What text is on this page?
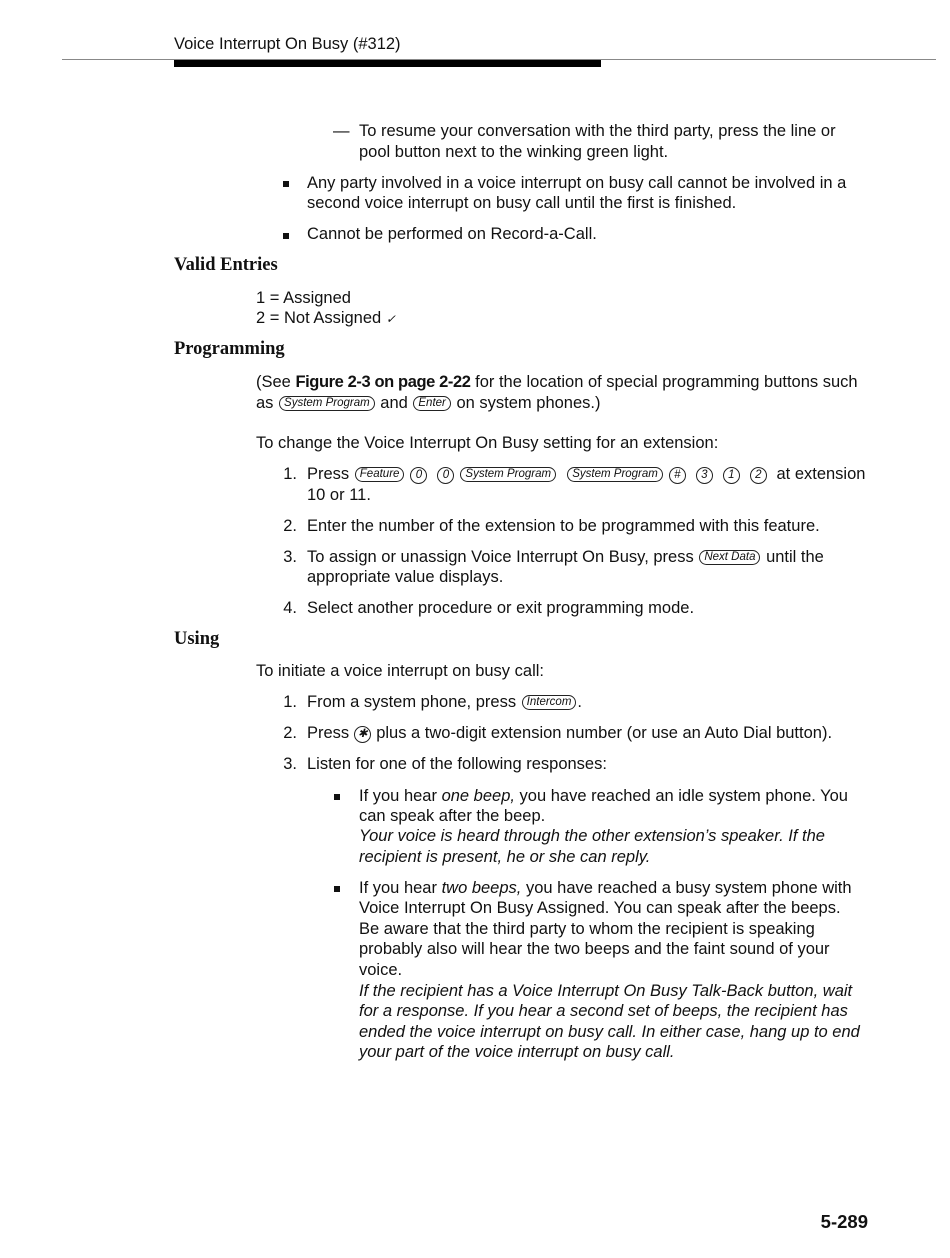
Voice Interrupt On Busy (#312)
— To resume your conversation with the third party, press the line or
pool button next to the winking green light.
Any party involved in a voice interrupt on busy call cannot be involved in a
second voice interrupt on busy call until the first is finished.
Cannot be performed on Record-a-Call.
Valid Entries
1 = Assigned
2 = Not Assigned ✓
Programming
(See Figure 2-3 on page 2-22 for the location of special programming buttons such
as System Program and Enter on system phones.)
To change the Voice Interrupt On Busy setting for an extension:
1. Press Feature 0 0 System Program System Program # 3 1 2 at extension
10 or 11.
2. Enter the number of the extension to be programmed with this feature.
3. To assign or unassign Voice Interrupt On Busy, press Next Data until the
appropriate value displays.
4. Select another procedure or exit programming mode.
Using
To initiate a voice interrupt on busy call:
1. From a system phone, press Intercom .
2. Press ✱ plus a two-digit extension number (or use an Auto Dial button).
3. Listen for one of the following responses:
If you hear one beep, you have reached an idle system phone. You
can speak after the beep.
Your voice is heard through the other extension’s speaker. If the
recipient is present, he or she can reply.
If you hear two beeps, you have reached a busy system phone with
Voice Interrupt On Busy Assigned. You can speak after the beeps.
Be aware that the third party to whom the recipient is speaking
probably also will hear the two beeps and the faint sound of your
voice.
If the recipient has a Voice Interrupt On Busy Talk-Back button, wait
for a response. If you hear a second set of beeps, the recipient has
ended the voice interrupt on busy call. In either case, hang up to end
your part of the voice interrupt on busy call.
5-289
